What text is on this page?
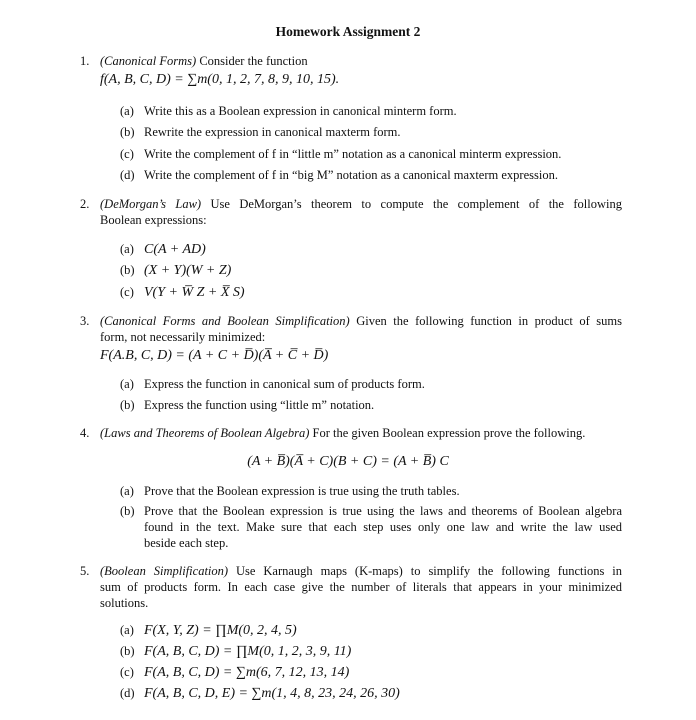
Homework Assignment 2
1. (Canonical Forms) Consider the function
f(A, B, C, D) = ∑m(0, 1, 2, 7, 8, 9, 10, 15).
(a) Write this as a Boolean expression in canonical minterm form.
(b) Rewrite the expression in canonical maxterm form.
(c) Write the complement of f in “little m” notation as a canonical minterm expression.
(d) Write the complement of f in “big M” notation as a canonical maxterm expression.
2. (DeMorgan’s Law) Use DeMorgan’s theorem to compute the complement of the following
Boolean expressions:
(a) C(A + AD)
(b) (X + Y)(W + Z)
(c) V(Y + W̅ Z + X̅ S)
3. (Canonical Forms and Boolean Simplification) Given the following function in product of sums
form, not necessarily minimized:
F(A.B, C, D) = (A + C + D̅)(A̅ + C̅ + D̅)
(a) Express the function in canonical sum of products form.
(b) Express the function using “little m” notation.
4. (Laws and Theorems of Boolean Algebra) For the given Boolean expression prove the following.
(A + B̅)(A̅ + C)(B + C) = (A + B̅) C
(a) Prove that the Boolean expression is true using the truth tables.
(b) Prove that the Boolean expression is true using the laws and theorems of Boolean algebra
found in the text. Make sure that each step uses only one law and write the law used
beside each step.
5. (Boolean Simplification) Use Karnaugh maps (K-maps) to simplify the following functions in
sum of products form. In each case give the number of literals that appears in your minimized
solutions.
(a) F(X, Y, Z) = ∏M(0, 2, 4, 5)
(b) F(A, B, C, D) = ∏M(0, 1, 2, 3, 9, 11)
(c) F(A, B, C, D) = ∑m(6, 7, 12, 13, 14)
(d) F(A, B, C, D, E) = ∑m(1, 4, 8, 23, 24, 26, 30)
